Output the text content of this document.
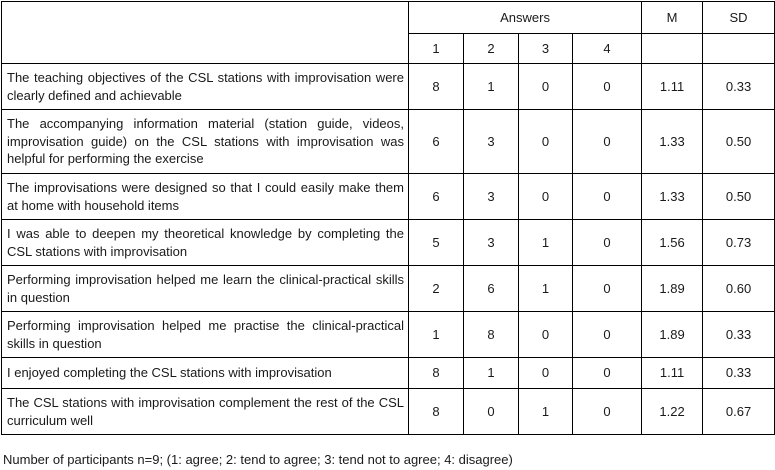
	Answers				M	SD
	1	2	3	4		
The teaching objectives of the CSL stations with improvisation were clearly defined and achievable	8	1	0	0	1.11	0.33
The accompanying information material (station guide, videos, improvisation guide) on the CSL stations with improvisation was helpful for performing the exercise	6	3	0	0	1.33	0.50
The improvisations were designed so that I could easily make them at home with household items	6	3	0	0	1.33	0.50
I was able to deepen my theoretical knowledge by completing the CSL stations with improvisation	5	3	1	0	1.56	0.73
Performing improvisation helped me learn the clinical-practical skills in question	2	6	1	0	1.89	0.60
Performing improvisation helped me practise the clinical-practical skills in question	1	8	0	0	1.89	0.33
I enjoyed completing the CSL stations with improvisation	8	1	0	0	1.11	0.33
The CSL stations with improvisation complement the rest of the CSL curriculum well	8	0	1	0	1.22	0.67
Number of participants n=9; (1: agree; 2: tend to agree; 3: tend not to agree; 4: disagree)
